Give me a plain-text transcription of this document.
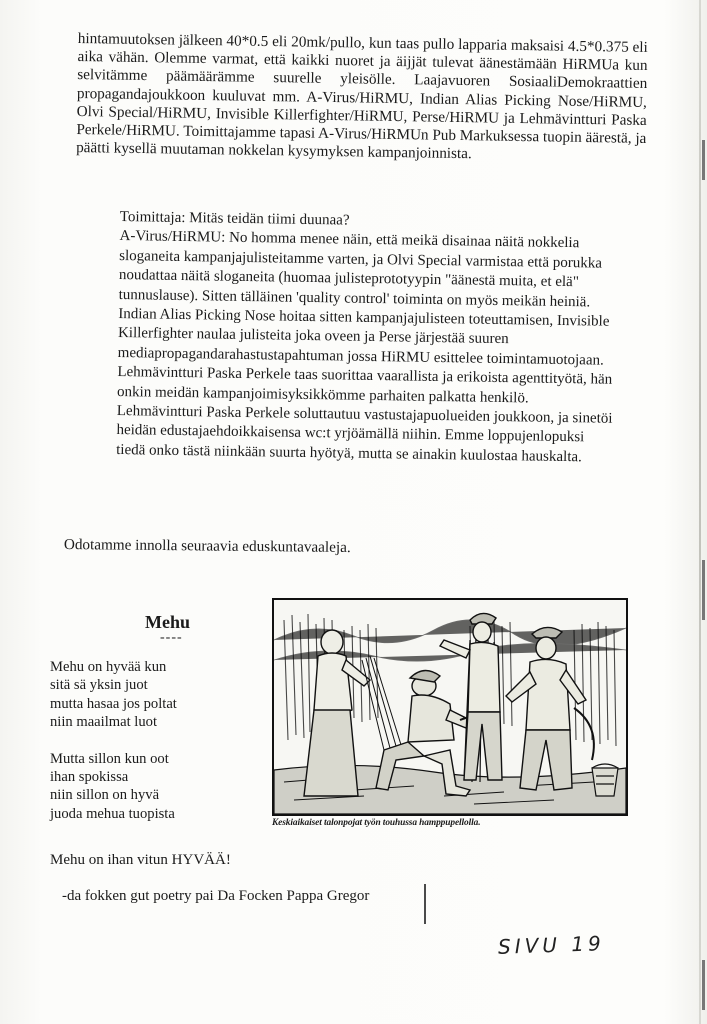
hintamuutoksen jälkeen 40*0.5 eli 20mk/pullo, kun taas pullo lapparia maksaisi 4.5*0.375 eli aika vähän. Olemme varmat, että kaikki nuoret ja äijjät tulevat äänestämään HiRMUa kun selvitämme päämäärämme suurelle yleisölle. Laajavuoren SosiaaliDemokraattien propagandajoukkoon kuuluvat mm. A-Virus/HiRMU, Indian Alias Picking Nose/HiRMU, Olvi Special/HiRMU, Invisible Killerfighter/HiRMU, Perse/HiRMU ja Lehmävintturi Paska Perkele/HiRMU. Toimittajamme tapasi A-Virus/HiRMUn Pub Markuksessa tuopin äärestä, ja päätti kysellä muutaman nokkelan kysymyksen kampanjoinnista.

Toimittaja: Mitäs teidän tiimi duunaa?

A-Virus/HiRMU: No homma menee näin, että meikä disainaa näitä nokkelia sloganeita kampanjajulisteitamme varten, ja Olvi Special varmistaa että porukka noudattaa näitä sloganeita (huomaa julisteprototyypin "äänestä muita, et elä" tunnuslause). Sitten tälläinen 'quality control' toiminta on myös meikän heiniä. Indian Alias Picking Nose hoitaa sitten kampanjajulisteen toteuttamisen, Invisible Killerfighter naulaa julisteita joka oveen ja Perse järjestää suuren mediapropagandarahastustapahtuman jossa HiRMU esittelee toimintamuotojaan. Lehmävintturi Paska Perkele taas suorittaa vaarallista ja erikoista agenttityötä, hän onkin meidän kampanjoimisyksikkömme parhaiten palkatta henkilö. Lehmävintturi Paska Perkele soluttautuu vastustajapuolueiden joukkoon, ja sinetöi heidän edustajaehdoikkaisensa wc:t yrjöämällä niihin. Emme loppujenlopuksi tiedä onko tästä niinkään suurta hyötyä, mutta se ainakin kuulostaa hauskalta.

Odotamme innolla seuraavia eduskuntavaaleja.
Mehu
----

Mehu on hyvää kun
sitä sä yksin juot
mutta hasaa jos poltat
niin maailmat luot

Mutta sillon kun oot
ihan spokissa
niin sillon on hyvä
juoda mehua tuopista

Mehu on ihan vitun HYVÄÄ!
-da fokken gut poetry pai Da Focken Pappa Gregor
Keskiaikaiset talonpojat työn touhussa hamppupellolla.
SIVU 19
